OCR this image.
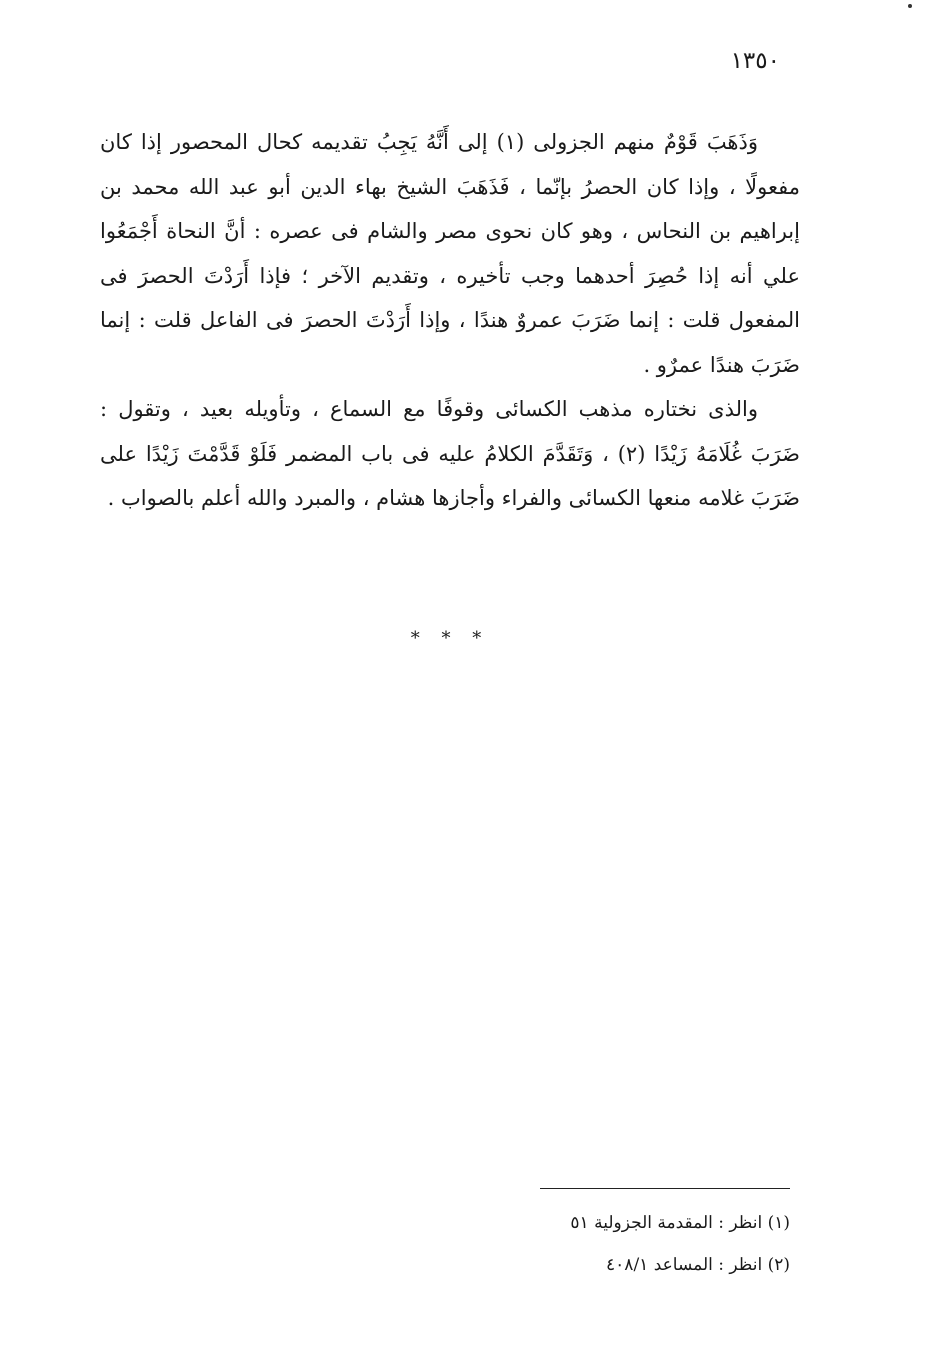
١٣٥٠

وَذَهَبَ قَوْمٌ منهم الجزولى (١) إلى أَنَّهُ يَجِبُ تقديمه كحال المحصور إذا كان مفعولًا ، وإذا كان الحصرُ بإنّما ، فَذَهَبَ الشيخ بهاء الدين أبو عبد الله محمد بن إبراهيم بن النحاس ، وهو كان نحوى مصر والشام فى عصره : أنَّ النحاة أَجْمَعُوا علي أنه إذا حُصِرَ أحدهما وجب تأخيره ، وتقديم الآخر ؛ فإذا أَرَدْتَ الحصرَ فى المفعول قلت : إنما ضَرَبَ عمروٌ هندًا ، وإذا أَرَدْتَ الحصرَ فى الفاعل قلت : إنما ضَرَبَ هندًا عمرٌو .

والذى نختاره مذهب الكسائى وقوفًا مع السماع ، وتأويله بعيد ، وتقول : ضَرَبَ غُلَامَهُ زَيْدًا (٢) ، وَتَقَدَّمَ الكلامُ عليه فى باب المضمر فَلَوْ قَدَّمْتَ زَيْدًا على ضَرَبَ غلامه منعها الكسائى والفراء وأجازها هشام ، والمبرد والله أعلم بالصواب .

* * *

(١) انظر : المقدمة الجزولية ٥١

(٢) انظر : المساعد ٤٠٨/١
